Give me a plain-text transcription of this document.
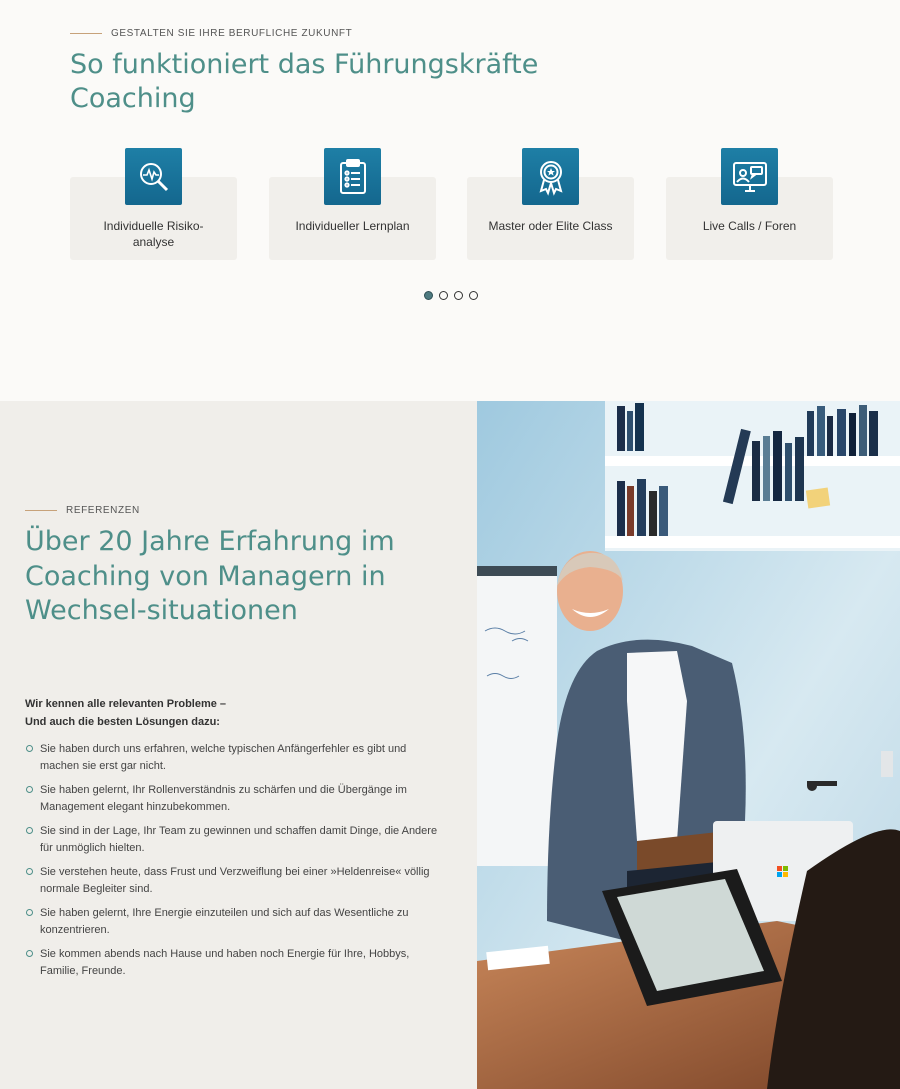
GESTALTEN SIE IHRE BERUFLICHE ZUKUNFT
So funktioniert das Führungskräfte Coaching
Individuelle Risiko-analyse
Individueller Lernplan	Master oder Elite Class	Live Calls / Foren
REFERENZEN
Über 20 Jahre Erfahrung im Coaching von Managern in Wechsel-situationen
Wir kennen alle relevanten Probleme –
Und auch die besten Lösungen dazu:
Sie haben durch uns erfahren, welche typischen Anfängerfehler es gibt und machen sie erst gar nicht.
Sie haben gelernt, Ihr Rollenverständnis zu schärfen und die Übergänge im Management elegant hinzubekommen.
Sie sind in der Lage, Ihr Team zu gewinnen und schaffen damit Dinge, die Andere für unmöglich hielten.
Sie verstehen heute, dass Frust und Verzweiflung bei einer »Heldenreise« völlig normale Begleiter sind.
Sie haben gelernt, Ihre Energie einzuteilen und sich auf das Wesentliche zu konzentrieren.
Sie kommen abends nach Hause und haben noch Energie für Ihre, Hobbys, Familie, Freunde.
